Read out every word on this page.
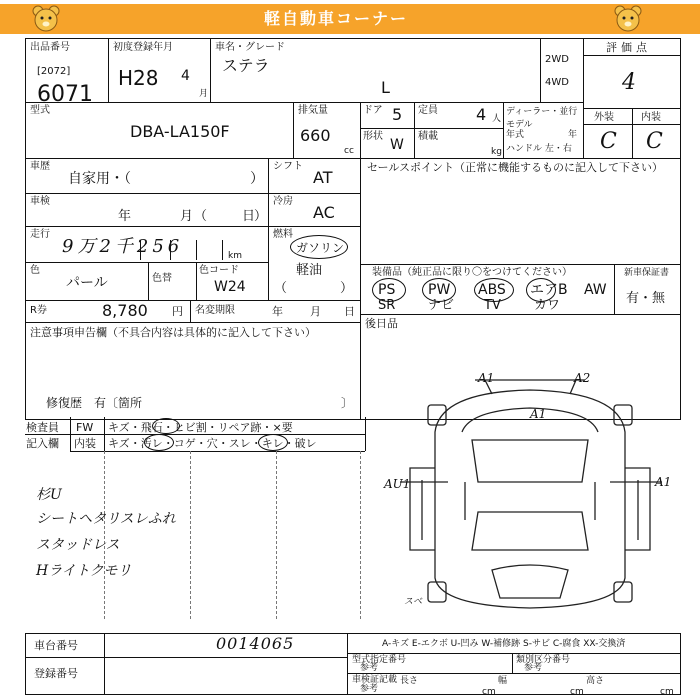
軽自動車コーナー
出品番号
[2072]
6071
初度登録年月
H28 4
月
車名・グレード
ステラ
L
2WD
4WD
評価点
4
外装	内装
C C
型式
DBA-LA150F
排気量
660
cc
ドア 5
形状
W
定員 4 人
積載
kg
ディーラー・並行
モデル
年式	年
ハンドル 左・右
車歴
自家用・（	）
シフト
AT
セールスポイント（正常に機能するものに記入して下さい）
車検
年	月 （	日
）
冷房
AC
走行
9万2千256	km
燃料
ガソリン
軽油
（	）
色
パール	色替
色コード
W24
装備品（純正品に限り〇をつけてください）
PS PW ABS エアB AW
SR	ナビ TV	カワ
新車保証書
有・無
R券	8,780 円 名変期限	年 月 日
後日品
注意事項申告欄（不具合内容は具体的に記入して下さい）
修復歴　有〔箇所	〕
検査員
記入欄
FW キズ・飛石・ヒビ割・リペア跡・×要
内装 キズ・汚レ・コゲ・穴・スレ・キレ・破レ
杉U
シートヘタリスレふれ
スタッドレス
Hライトクモリ
A1	A2
A1
AU1	A1
スベ
車台番号	0014065
登録番号
A-キズ E-エクボ U-凹み W-補修跡 S-サビ C-腐食 XX-交換済
型式指定番号
参考
類別区分番号
参考
車検証記載
参考
長さ
cm
幅
cm
高さ
cm
